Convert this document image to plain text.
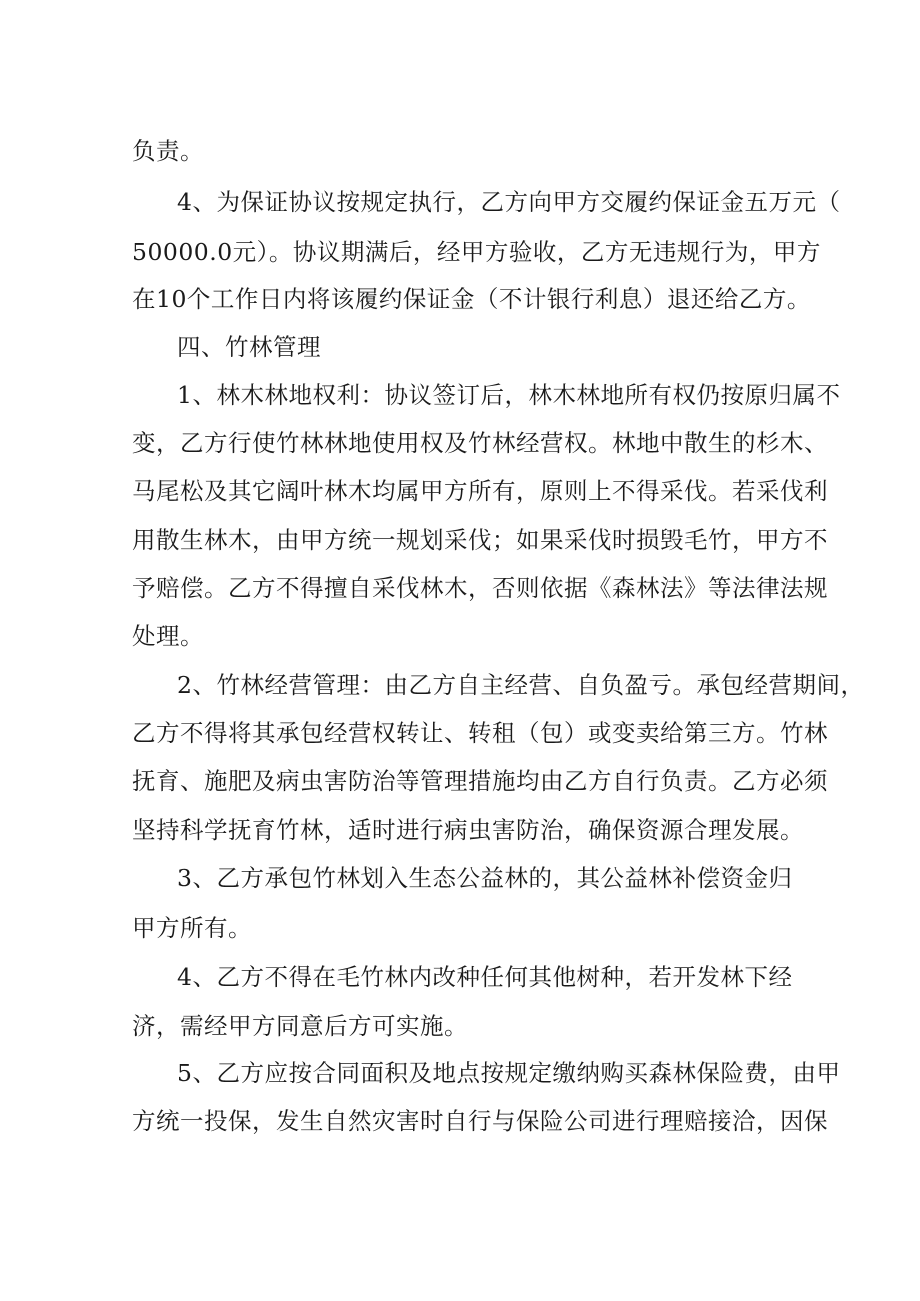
负责。
4、为保证协议按规定执行，乙方向甲方交履约保证金五万元（
50000.0元）。协议期满后，经甲方验收，乙方无违规行为，甲方
在10个工作日内将该履约保证金（不计银行利息）退还给乙方。
四、竹林管理
1、林木林地权利：协议签订后，林木林地所有权仍按原归属不
变，乙方行使竹林林地使用权及竹林经营权。林地中散生的杉木、
马尾松及其它阔叶林木均属甲方所有，原则上不得采伐。若采伐利
用散生林木，由甲方统一规划采伐；如果采伐时损毁毛竹，甲方不
予赔偿。乙方不得擅自采伐林木，否则依据《森林法》等法律法规
处理。
2、竹林经营管理：由乙方自主经营、自负盈亏。承包经营期间，
乙方不得将其承包经营权转让、转租（包）或变卖给第三方。竹林
抚育、施肥及病虫害防治等管理措施均由乙方自行负责。乙方必须
坚持科学抚育竹林，适时进行病虫害防治，确保资源合理发展。
3、乙方承包竹林划入生态公益林的，其公益林补偿资金归
甲方所有。
4、乙方不得在毛竹林内改种任何其他树种，若开发林下经
济，需经甲方同意后方可实施。
5、乙方应按合同面积及地点按规定缴纳购买森林保险费，由甲
方统一投保，发生自然灾害时自行与保险公司进行理赔接洽，因保
